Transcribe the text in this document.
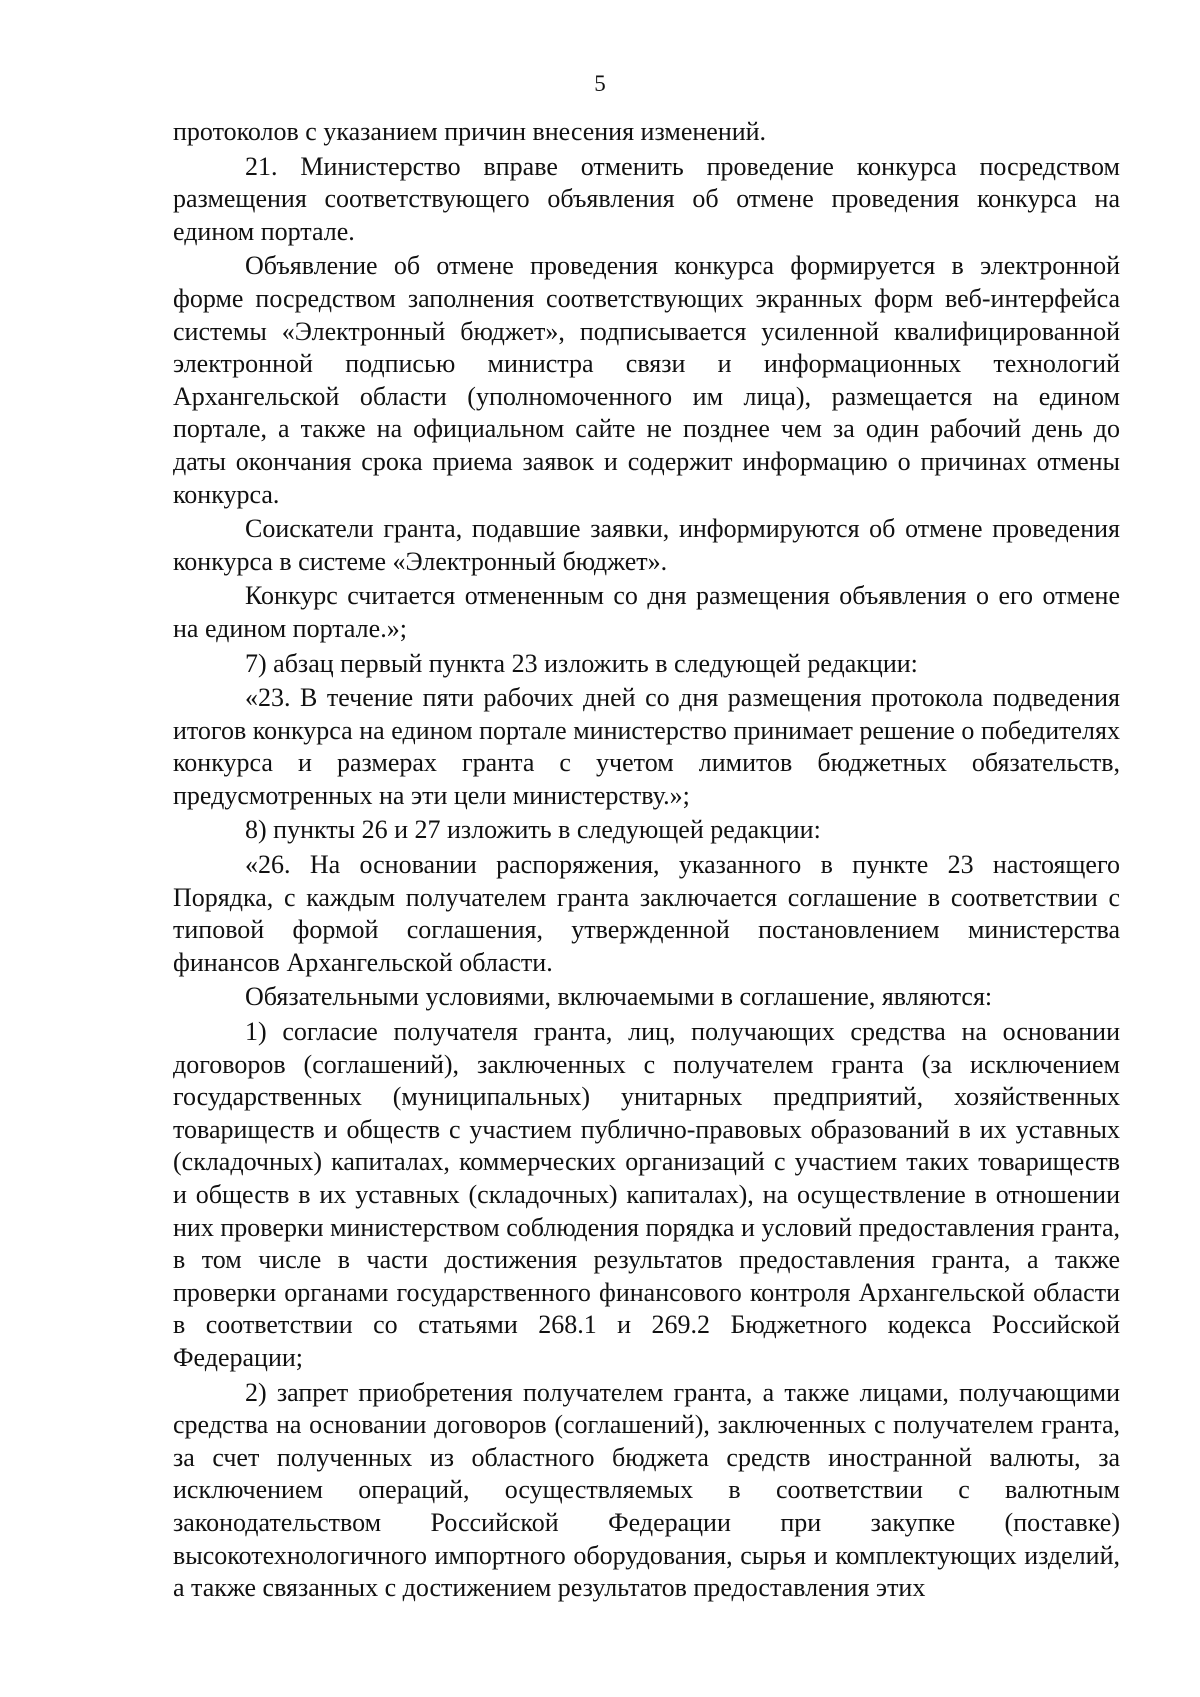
5

протоколов с указанием причин внесения изменений.

21. Министерство вправе отменить проведение конкурса посредством размещения соответствующего объявления об отмене проведения конкурса на едином портале.

Объявление об отмене проведения конкурса формируется в электронной форме посредством заполнения соответствующих экранных форм веб-интерфейса системы «Электронный бюджет», подписывается усиленной квалифицированной электронной подписью министра связи и информационных технологий Архангельской области (уполномоченного им лица), размещается на едином портале, а также на официальном сайте не позднее чем за один рабочий день до даты окончания срока приема заявок и содержит информацию о причинах отмены конкурса.

Соискатели гранта, подавшие заявки, информируются об отмене проведения конкурса в системе «Электронный бюджет».

Конкурс считается отмененным со дня размещения объявления о его отмене на едином портале.»;

7) абзац первый пункта 23 изложить в следующей редакции:

«23. В течение пяти рабочих дней со дня размещения протокола подведения итогов конкурса на едином портале министерство принимает решение о победителях конкурса и размерах гранта с учетом лимитов бюджетных обязательств, предусмотренных на эти цели министерству.»;

8) пункты 26 и 27 изложить в следующей редакции:

«26. На основании распоряжения, указанного в пункте 23 настоящего Порядка, с каждым получателем гранта заключается соглашение в соответствии с типовой формой соглашения, утвержденной постановлением министерства финансов Архангельской области.

Обязательными условиями, включаемыми в соглашение, являются:

1) согласие получателя гранта, лиц, получающих средства на основании договоров (соглашений), заключенных с получателем гранта (за исключением государственных (муниципальных) унитарных предприятий, хозяйственных товариществ и обществ с участием публично-правовых образований в их уставных (складочных) капиталах, коммерческих организаций с участием таких товариществ и обществ в их уставных (складочных) капиталах), на осуществление в отношении них проверки министерством соблюдения порядка и условий предоставления гранта, в том числе в части достижения результатов предоставления гранта, а также проверки органами государственного финансового контроля Архангельской области в соответствии со статьями 268.1 и 269.2 Бюджетного кодекса Российской Федерации;

2) запрет приобретения получателем гранта, а также лицами, получающими средства на основании договоров (соглашений), заключенных с получателем гранта, за счет полученных из областного бюджета средств иностранной валюты, за исключением операций, осуществляемых в соответствии с валютным законодательством Российской Федерации при закупке (поставке) высокотехнологичного импортного оборудования, сырья и комплектующих изделий, а также связанных с достижением результатов предоставления этих
